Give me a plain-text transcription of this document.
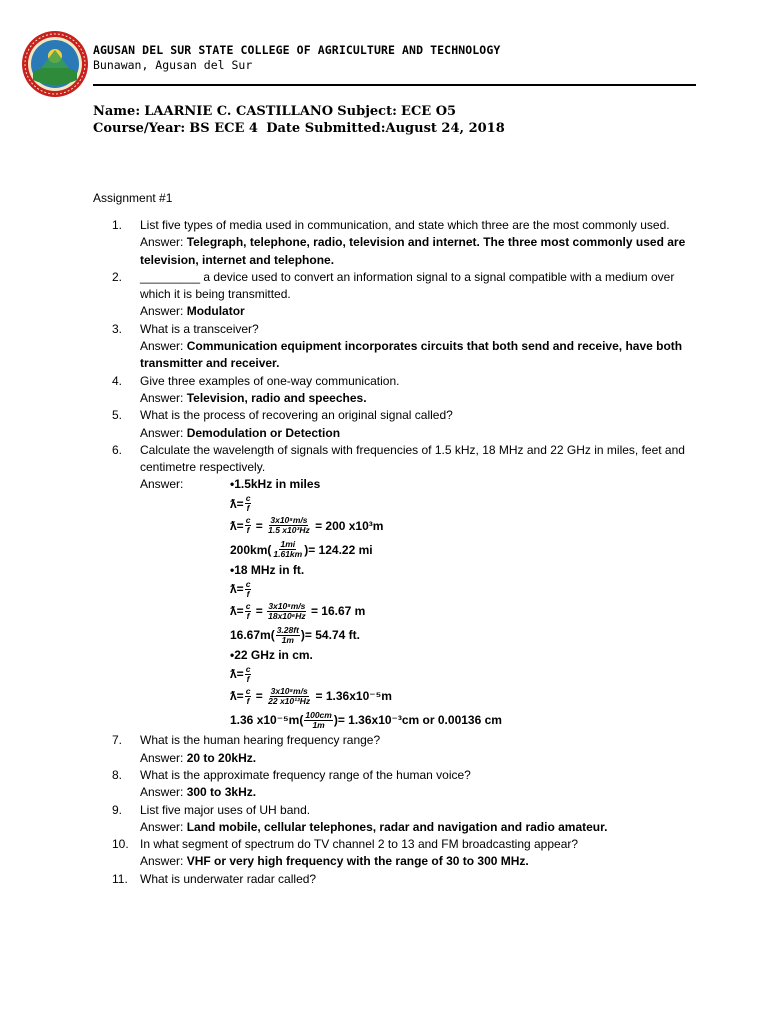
AGUSAN DEL SUR STATE COLLEGE OF AGRICULTURE AND TECHNOLOGY
Bunawan, Agusan del Sur
Name: LAARNIE C. CASTILLANO Subject: ECE O5
Course/Year: BS ECE 4 Date Submitted:August 24, 2018
Assignment #1
1.	List five types of media used in communication, and state which three are the most commonly used.
Answer: Telegraph, telephone, radio, television and internet. The three most commonly used are television, internet and telephone.
2.	_________ a device used to convert an information signal to a signal compatible with a medium over which it is being transmitted.
Answer: Modulator
3.	What is a transceiver?
Answer: Communication equipment incorporates circuits that both send and receive, have both transmitter and receiver.
4.	Give three examples of one-way communication.
Answer: Television, radio and speeches.
5.	What is the process of recovering an original signal called?
Answer: Demodulation or Detection
6.	Calculate the wavelength of signals with frequencies of 1.5 kHz, 18 MHz and 22 GHz in miles, feet and centimetre respectively.
Answer:	•1.5kHz in miles
ƛ= $\frac{c}{f}$
ƛ= $\frac{c}{f}$
=
$\frac{\text{3x10⁸m/s}}{\text{1.5 x10³Hz}}$
= 200 x10³m
$200km( \frac{1mi}{1.61km}$ )= 124.22 mi
•18 MHz in ft.
ƛ= $\frac{c}{f}$
ƛ= $\frac{c}{f}$
=
$\frac{\text{3x10⁸m/s}}{\text{18x10⁶Hz}}$
= 16.67 m
$16.67m( \frac{3.28ft}{1m}$ )= 54.74 ft.
•22 GHz in cm.
ƛ= $\frac{c}{f}$
ƛ= $\frac{c}{f}$
=
$\frac{\text{3x10⁸m/s}}{\text{22 x10¹²Hz}}$
= 1.36x10⁻⁵m
1.36 $x10^{-5}m( \frac{100cm}{1m}$ )= 1.36x10⁻³cm or 0.00136 cm
7.	What is the human hearing frequency range?
Answer: 20 to 20kHz.
8.	What is the approximate frequency range of the human voice?
Answer: 300 to 3kHz.
9.	List five major uses of UH band.
Answer: Land mobile, cellular telephones, radar and navigation and radio amateur.
10. In what segment of spectrum do TV channel 2 to 13 and FM broadcasting appear?
Answer: VHF or very high frequency with the range of 30 to 300 MHz.
11.	What is underwater radar called?
